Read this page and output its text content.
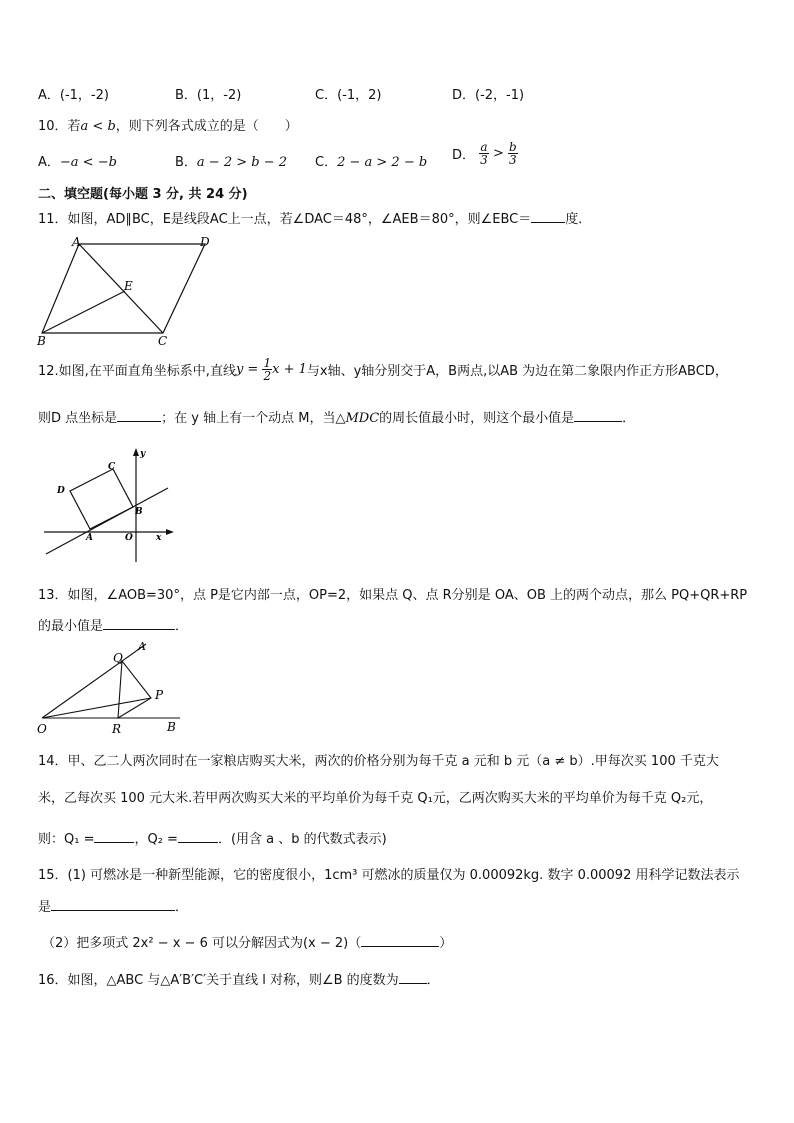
A．(-1，-2)	B．(1，-2)	C．(-1，2)	D．(-2，-1)
10．若a < b，则下列各式成立的是（　　）
A．−a < −b	B．a − 2 > b − 2 C．2 − a > 2 − b D． $\frac{a}{3} > \frac{b}{3}$
二、填空题(每小题 3 分, 共 24 分)
11．如图，AD∥BC，E是线段AC上一点，若∠DAC＝48°，∠AEB＝80°，则∠EBC＝	度．
A	D
E
B	C
12.如图,在平面直角坐标系中,直线$y = \frac{1}{2}$ x + 1与x轴、y轴分别交于A，B两点,以AB 为边在第二象限内作正方形ABCD，
则D 点坐标是	；在 y 轴上有一个动点 M，当△MDC的周长值最小时，则这个最小值是	．
C
y
D
B
A	O	x
13．如图，∠AOB=30°，点 P是它内部一点，OP=2，如果点 Q、点 R分别是 OA、OB 上的两个动点，那么 PQ+QR+RP
的最小值是	．
A
Q
P
O	R	B
14．甲、乙二人两次同时在一家粮店购买大米，两次的价格分别为每千克 a 元和 b 元（a ≠ b）.甲每次买 100 千克大
米，乙每次买 100 元大米.若甲两次购买大米的平均单价为每千克 Q₁元，乙两次购买大米的平均单价为每千克 Q₂元，
则：Q₁ =	，Q₂ =	．(用含 a 、b 的代数式表示)
15．(1) 可燃冰是一种新型能源，它的密度很小，1cm³ 可燃冰的质量仅为 0.00092kg. 数字 0.00092 用科学记数法表示
是	．
（2）把多项式 2x² − x − 6 可以分解因式为(x − 2)（	）
16．如图，△ABC 与△A′B′C′关于直线 l 对称，则∠B 的度数为 ．
